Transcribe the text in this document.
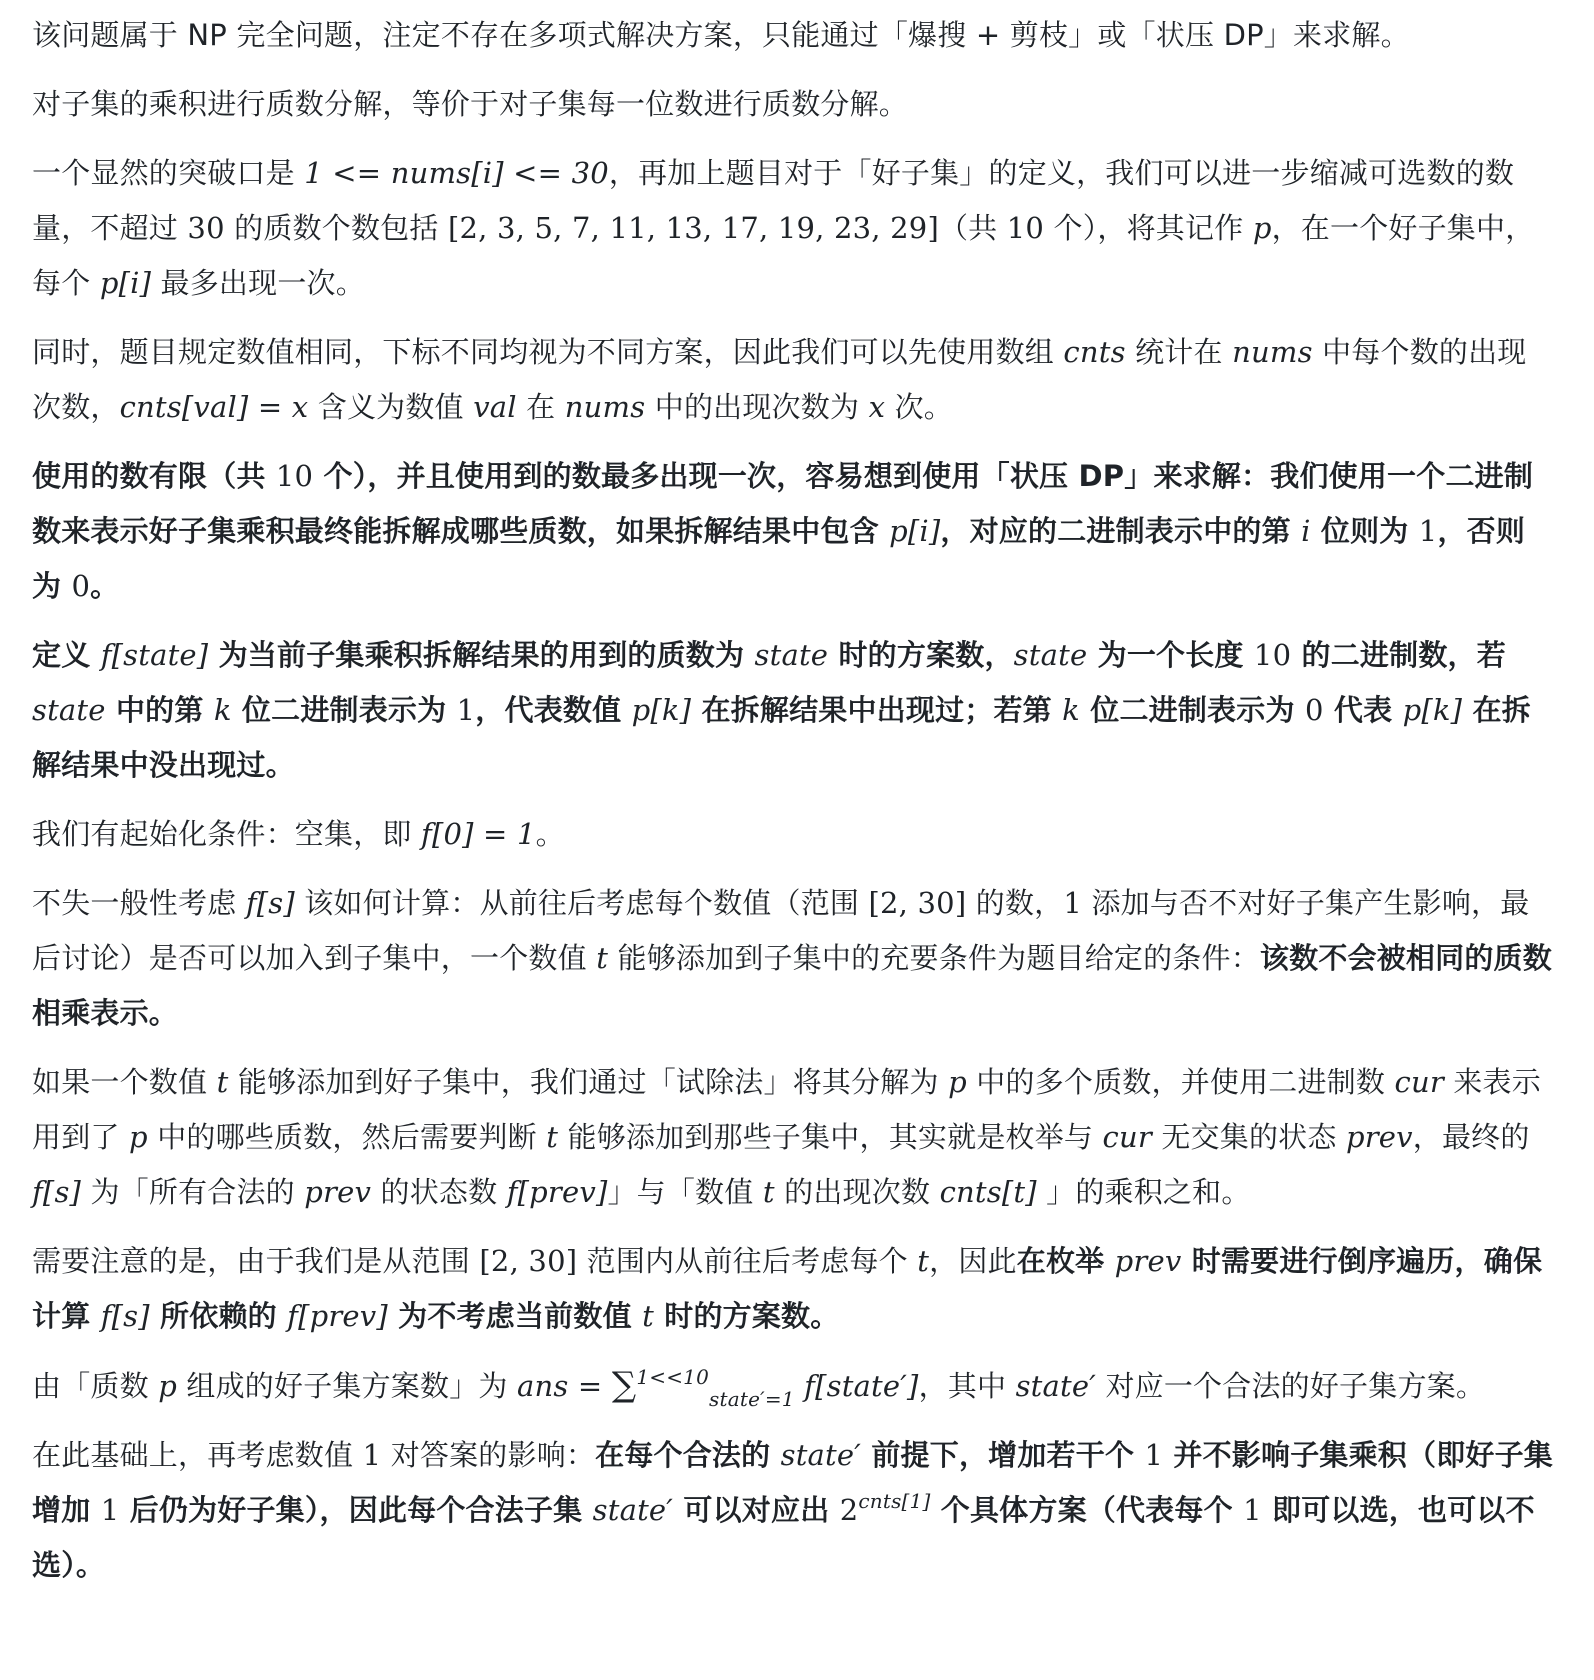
该问题属于 NP 完全问题，注定不存在多项式解决方案，只能通过「爆搜 + 剪枝」或「状压 DP」来求解。

对子集的乘积进行质数分解，等价于对子集每一位数进行质数分解。

一个显然的突破口是 1 <= nums[i] <= 30，再加上题目对于「好子集」的定义，我们可以进一步缩减可选数的数量，不超过 30 的质数个数包括 [2, 3, 5, 7, 11, 13, 17, 19, 23, 29]（共 10 个），将其记作 p，在一个好子集中，每个 p[i] 最多出现一次。

同时，题目规定数值相同，下标不同均视为不同方案，因此我们可以先使用数组 cnts 统计在 nums 中每个数的出现次数，cnts[val] = x 含义为数值 val 在 nums 中的出现次数为 x 次。

使用的数有限（共 10 个），并且使用到的数最多出现一次，容易想到使用「状压 DP」来求解：我们使用一个二进制数来表示好子集乘积最终能拆解成哪些质数，如果拆解结果中包含 p[i]，对应的二进制表示中的第 i 位则为 1，否则为 0。

定义 f[state] 为当前子集乘积拆解结果的用到的质数为 state 时的方案数，state 为一个长度 10 的二进制数，若 state 中的第 k 位二进制表示为 1，代表数值 p[k] 在拆解结果中出现过；若第 k 位二进制表示为 0 代表 p[k] 在拆解结果中没出现过。

我们有起始化条件：空集，即 f[0] = 1。

不失一般性考虑 f[s] 该如何计算：从前往后考虑每个数值（范围 [2, 30] 的数，1 添加与否不对好子集产生影响，最后讨论）是否可以加入到子集中，一个数值 t 能够添加到子集中的充要条件为题目给定的条件：该数不会被相同的质数相乘表示。

如果一个数值 t 能够添加到好子集中，我们通过「试除法」将其分解为 p 中的多个质数，并使用二进制数 cur 来表示用到了 p 中的哪些质数，然后需要判断 t 能够添加到那些子集中，其实就是枚举与 cur 无交集的状态 prev，最终的 f[s] 为「所有合法的 prev 的状态数 f[prev]」与「数值 t 的出现次数 cnts[t] 」的乘积之和。

需要注意的是，由于我们是从范围 [2, 30] 范围内从前往后考虑每个 t，因此在枚举 prev 时需要进行倒序遍历，确保计算 f[s] 所依赖的 f[prev] 为不考虑当前数值 t 时的方案数。

由「质数 p 组成的好子集方案数」为 ans = ∑$^{1<<10}_{state'=1}$ f[state′]，其中 state′ 对应一个合法的好子集方案。

在此基础上，再考虑数值 1 对答案的影响：在每个合法的 state′ 前提下，增加若干个 1 并不影响子集乘积（即好子集增加 1 后仍为好子集），因此每个合法子集 state′ 可以对应出 $2^{cnts[1]}$ 个具体方案（代表每个 1 即可以选，也可以不选）。
